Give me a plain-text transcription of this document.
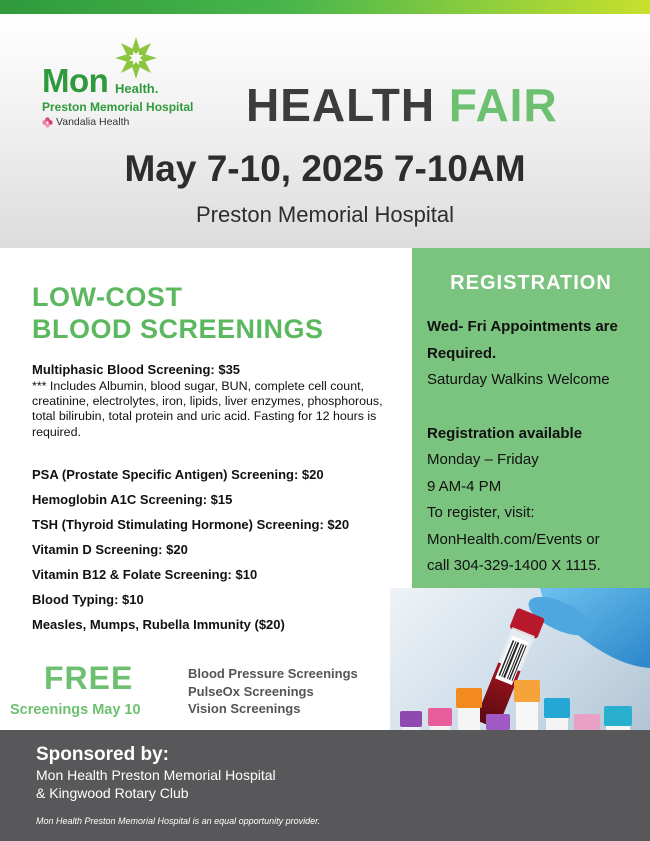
Mon Health.
Preston Memorial Hospital
Vandalia Health	HEALTH FAIR
May 7-10, 2025 7-10AM
Preston Memorial Hospital
LOW-COST
BLOOD SCREENINGS
Multiphasic Blood Screening: $35
*** Includes Albumin, blood sugar, BUN, complete cell count, creatinine, electrolytes, iron, lipids, liver enzymes, phosphorous, total bilirubin, total protein and uric acid. Fasting for 12 hours is required.
PSA (Prostate Specific Antigen) Screening: $20
Hemoglobin A1C Screening: $15
TSH (Thyroid Stimulating Hormone) Screening: $20
Vitamin D Screening: $20
Vitamin B12 & Folate Screening: $10
Blood Typing: $10
Measles, Mumps, Rubella Immunity ($20)
FREE
Screenings May 10
Blood Pressure Screenings
PulseOx Screenings
Vision Screenings
REGISTRATION
Wed- Fri Appointments are
Required.
Saturday Walkins Welcome
Registration available
Monday – Friday
9 AM-4 PM
To register, visit:
MonHealth.com/Events or
call 304-329-1400 X 1115.
Sponsored by:
Mon Health Preston Memorial Hospital
& Kingwood Rotary Club
Mon Health Preston Memorial Hospital is an equal opportunity provider.
